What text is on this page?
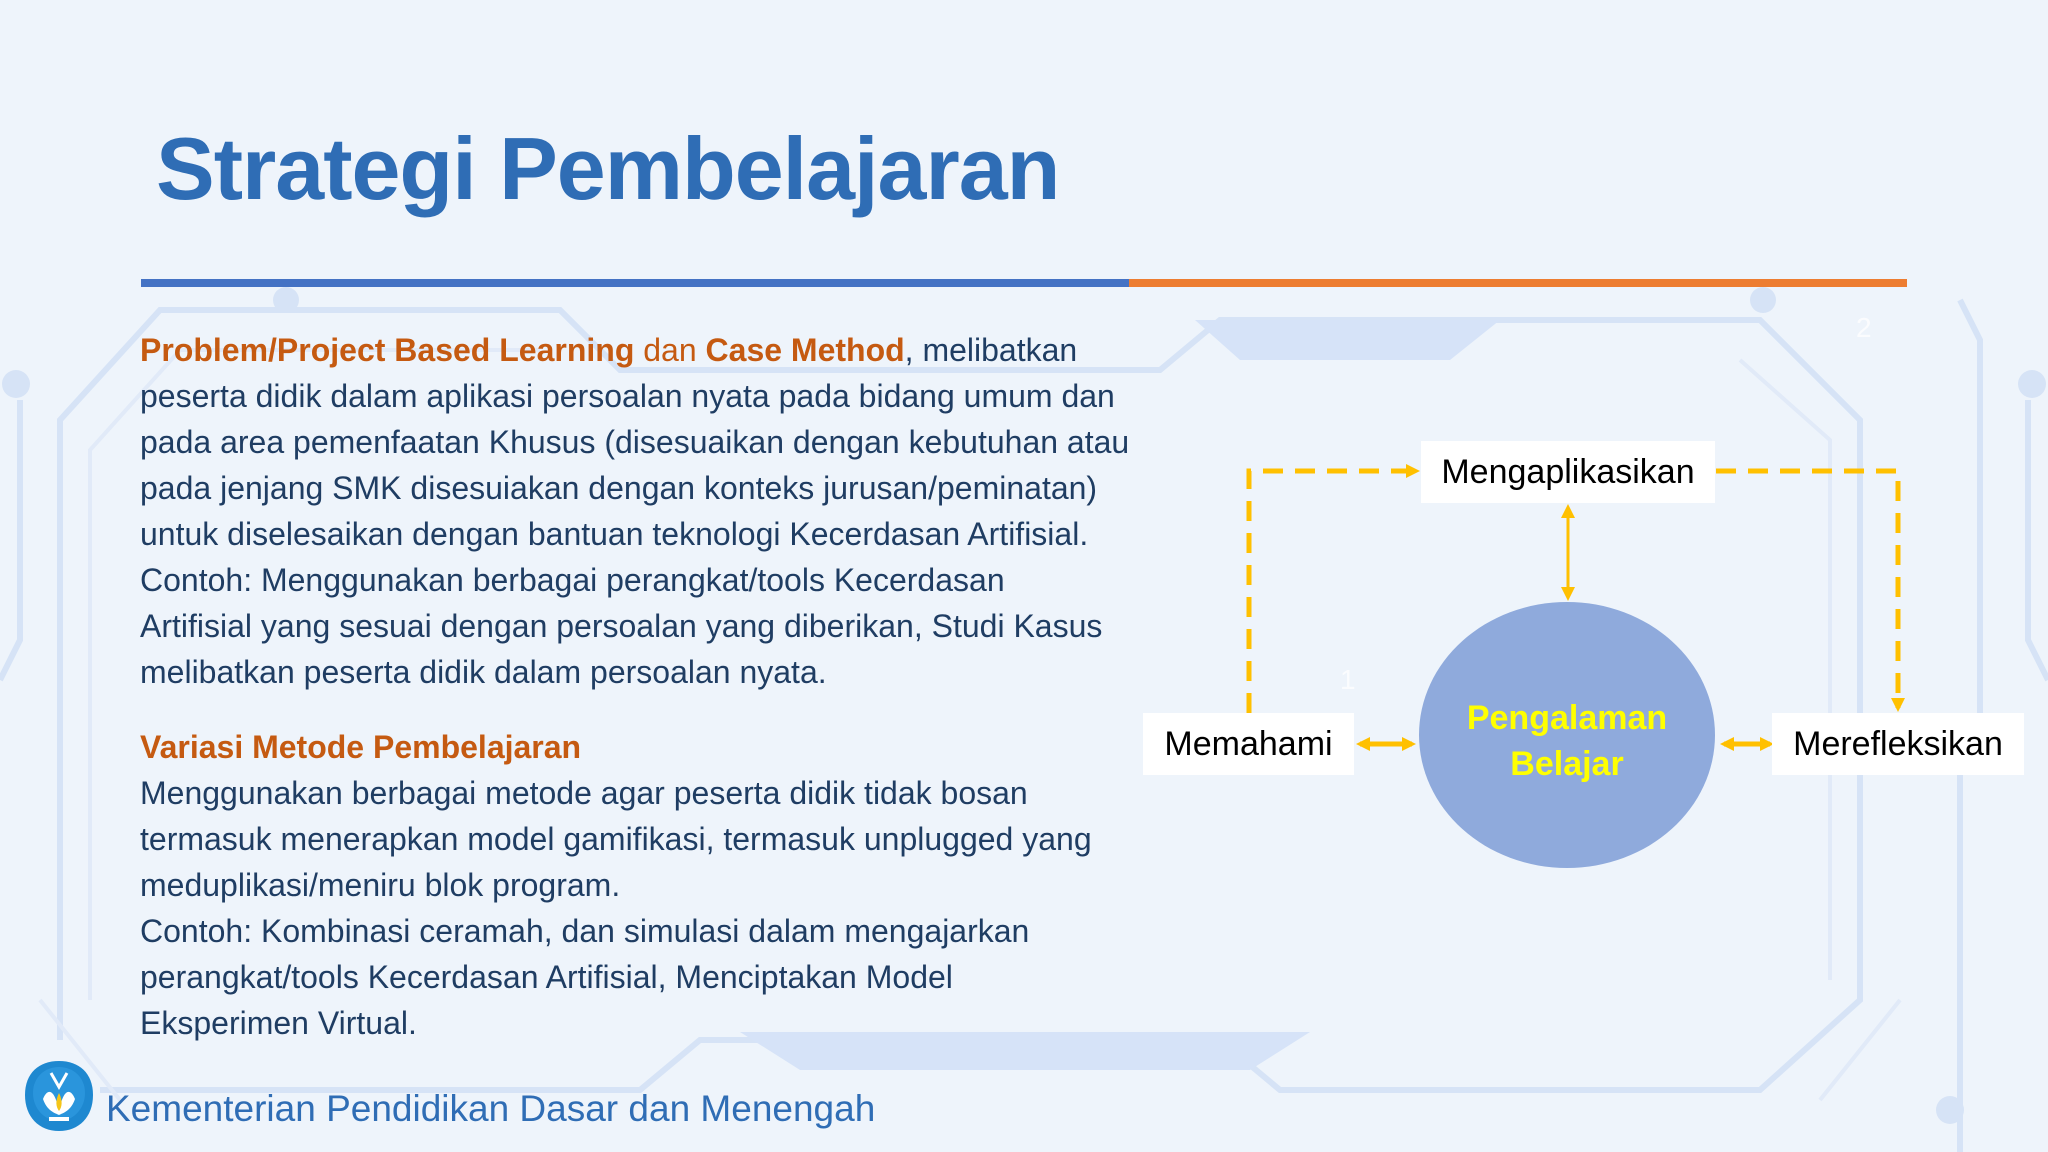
Strategi Pembelajaran
Problem/Project Based Learning dan Case Method, melibatkan
peserta didik dalam aplikasi persoalan nyata pada bidang umum dan
pada area pemenfaatan Khusus (disesuaikan dengan kebutuhan atau
pada jenjang SMK disesuiakan dengan konteks jurusan/peminatan)
untuk diselesaikan dengan bantuan teknologi Kecerdasan Artifisial.
Contoh: Menggunakan berbagai perangkat/tools Kecerdasan
Artifisial yang sesuai dengan persoalan yang diberikan, Studi Kasus
melibatkan peserta didik dalam persoalan nyata.
Variasi Metode Pembelajaran
Menggunakan berbagai metode agar peserta didik tidak bosan
termasuk menerapkan model gamifikasi, termasuk unplugged yang
meduplikasi/meniru blok program.
Contoh: Kombinasi ceramah, dan simulasi dalam mengajarkan
perangkat/tools Kecerdasan Artifisial, Menciptakan Model
Eksperimen Virtual.
Mengaplikasikan
Memahami	Merefleksikan
Pengalaman
Belajar
1
2
Kementerian Pendidikan Dasar dan Menengah
